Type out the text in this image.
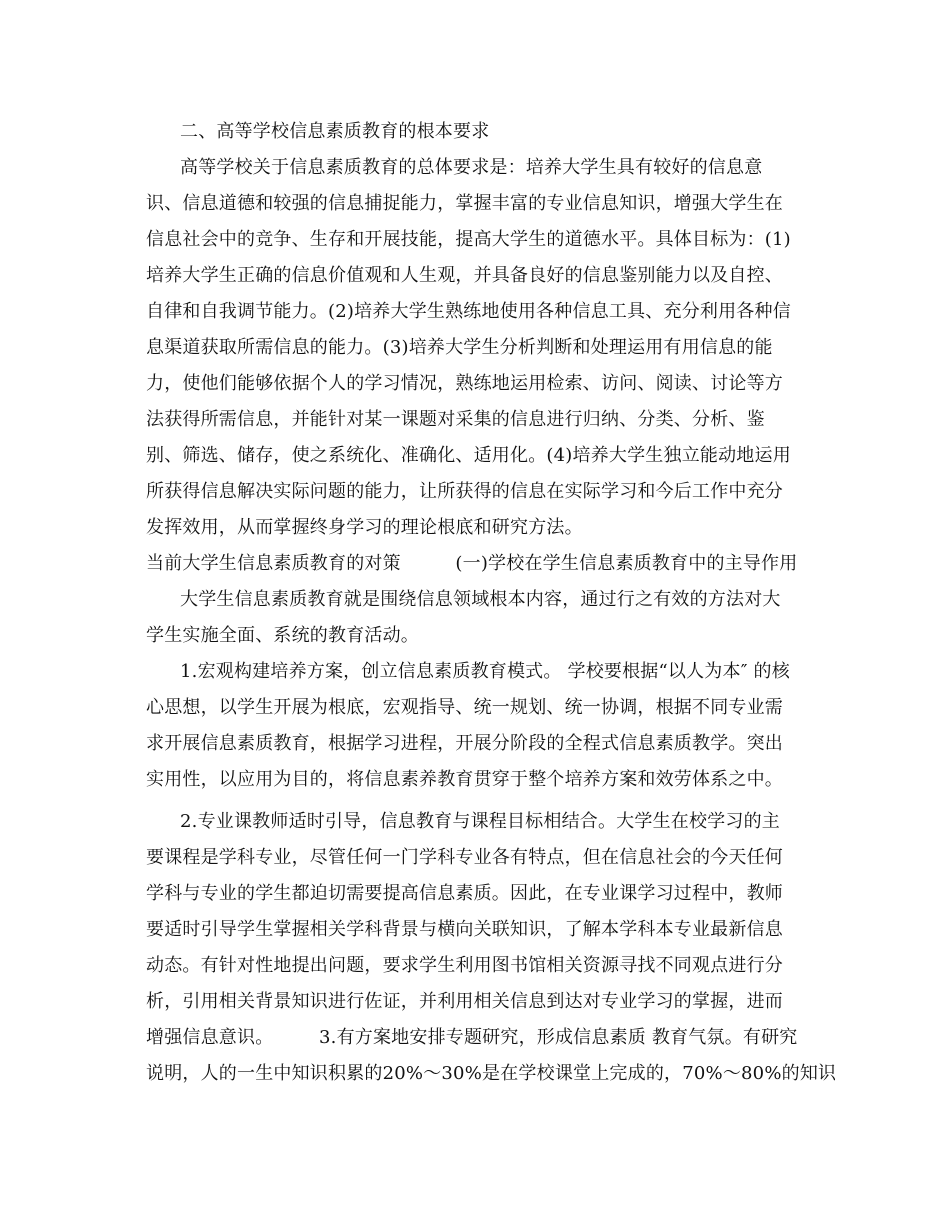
二、高等学校信息素质教育的根本要求
高等学校关于信息素质教育的总体要求是：培养大学生具有较好的信息意
识、信息道德和较强的信息捕捉能力，掌握丰富的专业信息知识，增强大学生在
信息社会中的竞争、生存和开展技能，提高大学生的道德水平。具体目标为：(1)
培养大学生正确的信息价值观和人生观，并具备良好的信息鉴别能力以及自控、
自律和自我调节能力。(2)培养大学生熟练地使用各种信息工具、充分利用各种信
息渠道获取所需信息的能力。(3)培养大学生分析判断和处理运用有用信息的能
力，使他们能够依据个人的学习情况，熟练地运用检索、访问、阅读、讨论等方
法获得所需信息，并能针对某一课题对采集的信息进行归纳、分类、分析、鉴
别、筛选、储存，使之系统化、准确化、适用化。(4)培养大学生独立能动地运用
所获得信息解决实际问题的能力，让所获得的信息在实际学习和今后工作中充分
发挥效用，从而掌握终身学习的理论根底和研究方法。
当前大学生信息素质教育的对策　　　(一)学校在学生信息素质教育中的主导作用
大学生信息素质教育就是围绕信息领域根本内容，通过行之有效的方法对大
学生实施全面、系统的教育活动。
1.宏观构建培养方案，创立信息素质教育模式。 学校要根据“以人为本″ 的核
心思想，以学生开展为根底，宏观指导、统一规划、统一协调，根据不同专业需
求开展信息素质教育，根据学习进程，开展分阶段的全程式信息素质教学。突出
实用性，以应用为目的，将信息素养教育贯穿于整个培养方案和效劳体系之中。
2.专业课教师适时引导，信息教育与课程目标相结合。大学生在校学习的主
要课程是学科专业，尽管任何一门学科专业各有特点，但在信息社会的今天任何
学科与专业的学生都迫切需要提高信息素质。因此，在专业课学习过程中，教师
要适时引导学生掌握相关学科背景与横向关联知识，了解本学科本专业最新信息
动态。有针对性地提出问题，要求学生利用图书馆相关资源寻找不同观点进行分
析，引用相关背景知识进行佐证，并利用相关信息到达对专业学习的掌握，进而
增强信息意识。　　　3.有方案地安排专题研究，形成信息素质 教育气氛。有研究
说明，人的一生中知识积累的20%～30%是在学校课堂上完成的，70%～80%的知识
